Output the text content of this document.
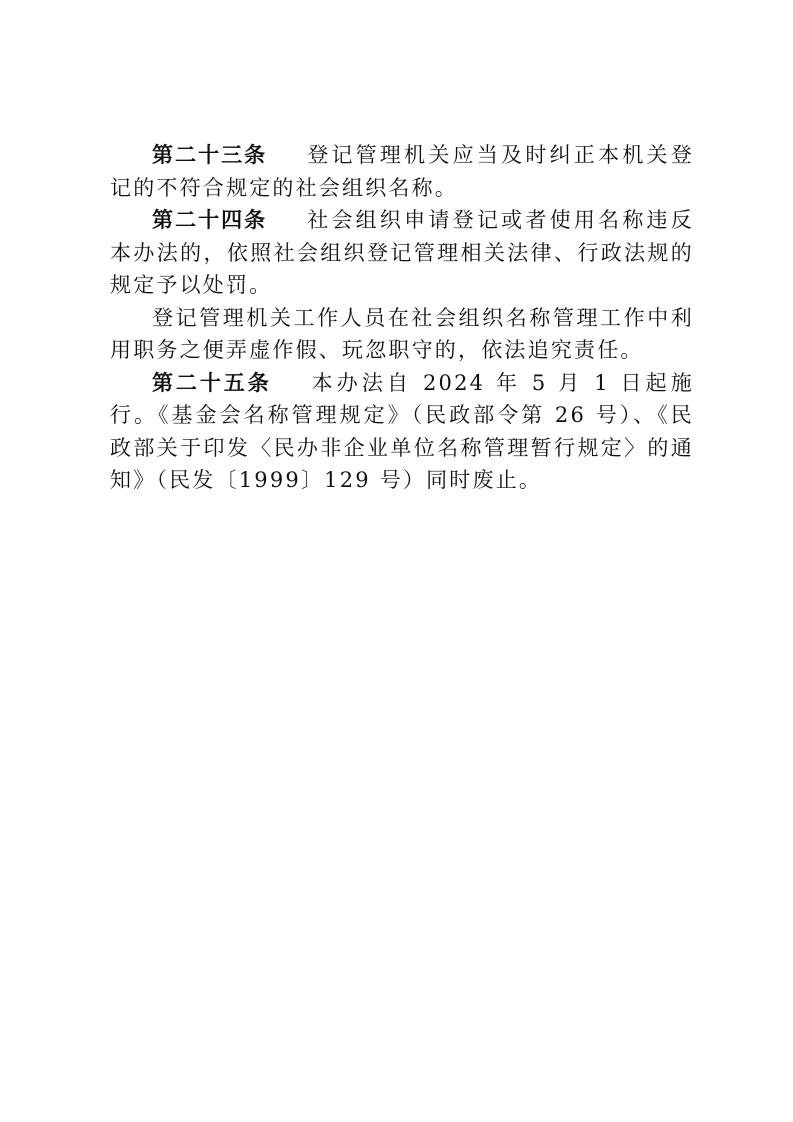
第二十三条 登记管理机关应当及时纠正本机关登记的不符合规定的社会组织名称。

第二十四条 社会组织申请登记或者使用名称违反本办法的，依照社会组织登记管理相关法律、行政法规的规定予以处罚。

登记管理机关工作人员在社会组织名称管理工作中利用职务之便弄虚作假、玩忽职守的，依法追究责任。

第二十五条 本办法自 2024 年 5 月 1 日起施行。《基金会名称管理规定》（民政部令第 26 号）、《民政部关于印发〈民办非企业单位名称管理暂行规定〉的通知》（民发〔1999〕129 号）同时废止。
